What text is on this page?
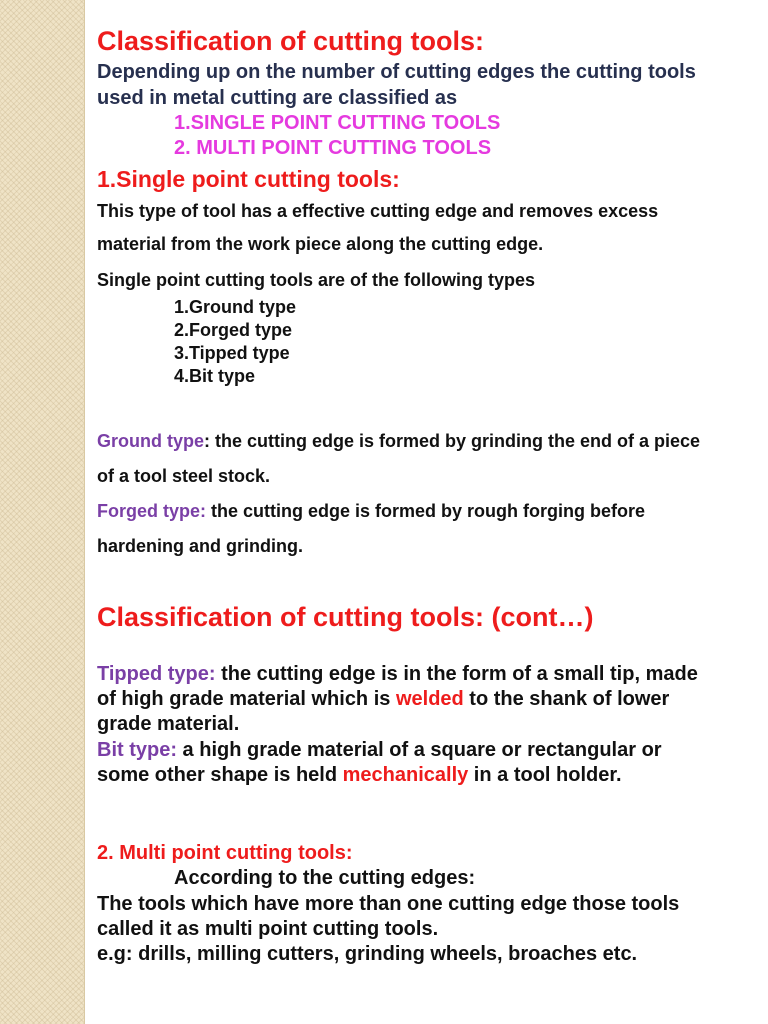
Classification of cutting tools:
Depending up on the number of cutting edges the cutting tools
used in metal cutting are classified as
1.SINGLE POINT CUTTING TOOLS
2. MULTI POINT CUTTING TOOLS
1.Single point cutting tools:
This type of tool has a effective cutting edge and removes excess
material from the work piece along the cutting edge.
Single point cutting tools are of the following types
1.Ground type
2.Forged type
3.Tipped type
4.Bit type
Ground type: the cutting edge is formed by grinding the end of a piece
of a tool steel stock.
Forged type: the cutting edge is formed by rough forging before
hardening and grinding.
Classification of cutting tools: (cont…)
Tipped type: the cutting edge is in the form of a small tip, made
of high grade material which is welded to the shank of lower
grade material.
Bit type: a high grade material of a square or rectangular or
some other shape is held mechanically in a tool holder.
2. Multi point cutting tools:
According to the cutting edges:
The tools which have more than one cutting edge those tools
called it as multi point cutting tools.
e.g: drills, milling cutters, grinding wheels, broaches etc.
